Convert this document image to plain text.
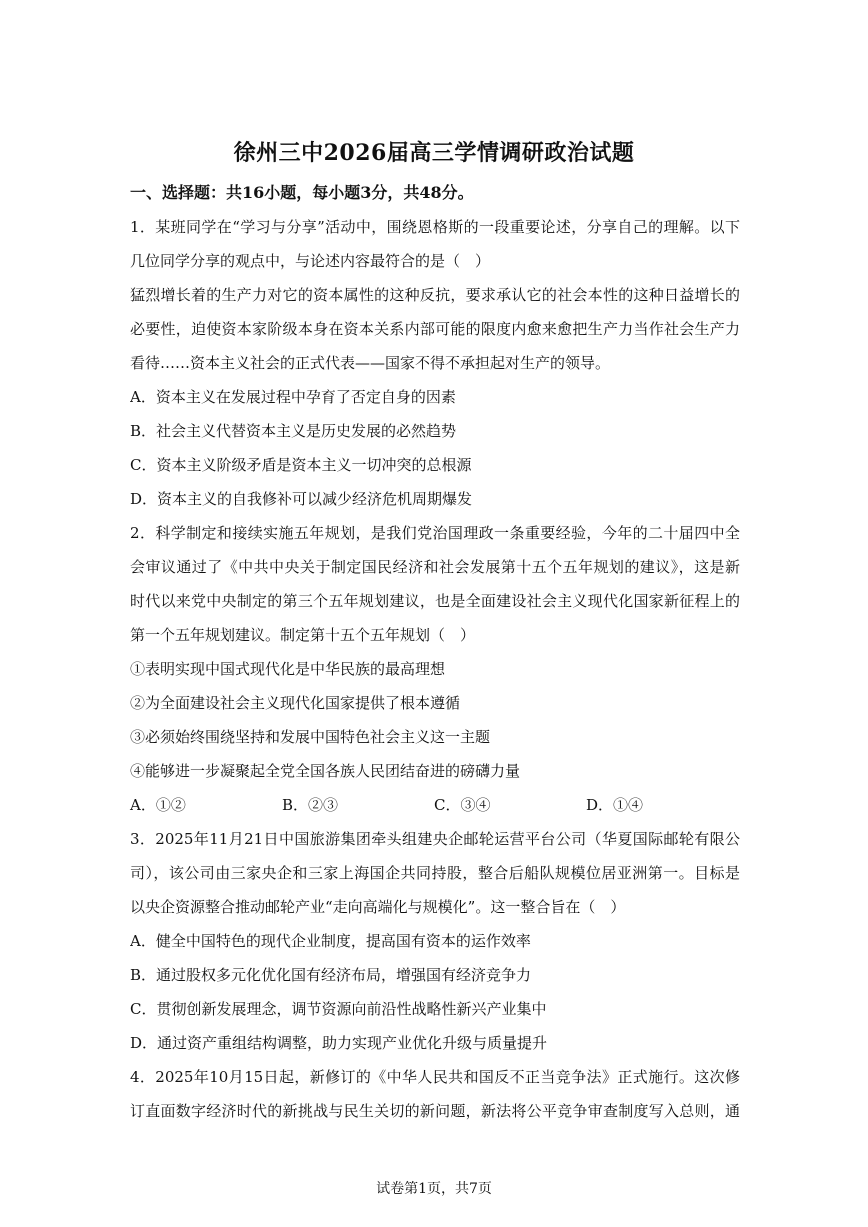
徐州三中2026届高三学情调研政治试题
一、选择题：共16小题，每小题3分，共48分。
1．某班同学在“学习与分享”活动中，围绕恩格斯的一段重要论述，分享自己的理解。以下
几位同学分享的观点中，与论述内容最符合的是（　）
猛烈增长着的生产力对它的资本属性的这种反抗，要求承认它的社会本性的这种日益增长的
必要性，迫使资本家阶级本身在资本关系内部可能的限度内愈来愈把生产力当作社会生产力
看待……资本主义社会的正式代表——国家不得不承担起对生产的领导。
A．资本主义在发展过程中孕育了否定自身的因素
B．社会主义代替资本主义是历史发展的必然趋势
C．资本主义阶级矛盾是资本主义一切冲突的总根源
D．资本主义的自我修补可以减少经济危机周期爆发
2．科学制定和接续实施五年规划，是我们党治国理政一条重要经验，今年的二十届四中全
会审议通过了《中共中央关于制定国民经济和社会发展第十五个五年规划的建议》，这是新
时代以来党中央制定的第三个五年规划建议，也是全面建设社会主义现代化国家新征程上的
第一个五年规划建议。制定第十五个五年规划（　）
①表明实现中国式现代化是中华民族的最高理想
②为全面建设社会主义现代化国家提供了根本遵循
③必须始终围绕坚持和发展中国特色社会主义这一主题
④能够进一步凝聚起全党全国各族人民团结奋进的磅礴力量
A．①②	B．②③	C．③④	D．①④
3．2025年11月21日中国旅游集团牵头组建央企邮轮运营平台公司（华夏国际邮轮有限公
司），该公司由三家央企和三家上海国企共同持股，整合后船队规模位居亚洲第一。目标是
以央企资源整合推动邮轮产业“走向高端化与规模化”。这一整合旨在（　）
A．健全中国特色的现代企业制度，提高国有资本的运作效率
B．通过股权多元化优化国有经济布局，增强国有经济竞争力
C．贯彻创新发展理念，调节资源向前沿性战略性新兴产业集中
D．通过资产重组结构调整，助力实现产业优化升级与质量提升
4．2025年10月15日起，新修订的《中华人民共和国反不正当竞争法》正式施行。这次修
订直面数字经济时代的新挑战与民生关切的新问题，新法将公平竞争审查制度写入总则，通
试卷第1页，共7页
